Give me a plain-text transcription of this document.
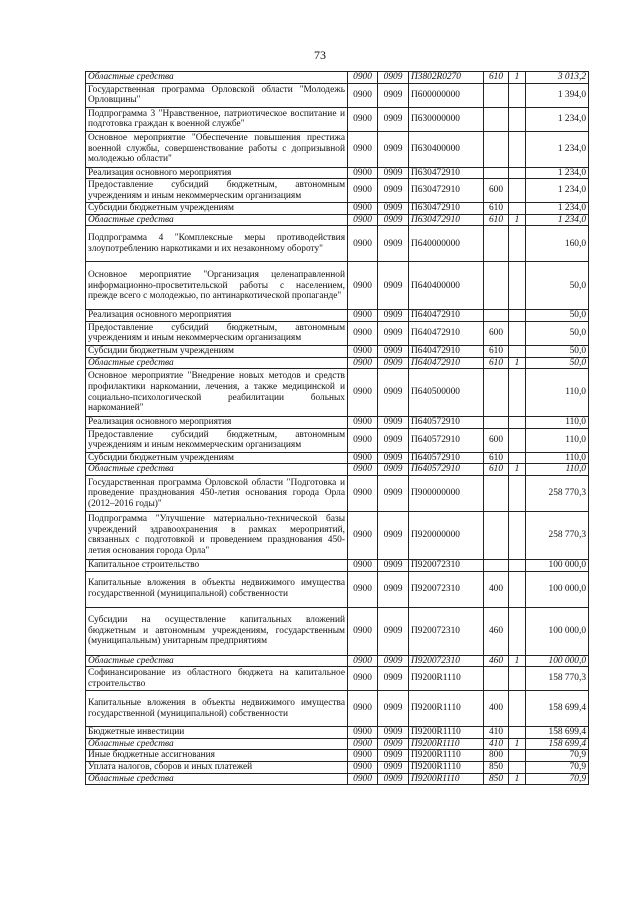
73
Областные средства	0900	0909	П3802R0270	610	1	3 013,2
Государственная программа Орловской области "Молодежь Орловщины"	0900	0909	П600000000			1 394,0
Подпрограмма 3 "Нравственное, патриотическое воспитание и подготовка граждан к военной службе"	0900	0909	П630000000			1 234,0
Основное мероприятие "Обеспечение повышения престижа военной службы, совершенствование работы с допризывной молодежью области"	0900	0909	П630400000			1 234,0
Реализация основного мероприятия	0900	0909	П630472910			1 234,0
Предоставление субсидий бюджетным, автономным учреждениям и иным некоммерческим организациям	0900	0909	П630472910	600		1 234,0
Субсидии бюджетным учреждениям	0900	0909	П630472910	610		1 234,0
Областные средства	0900	0909	П630472910	610	1	1 234,0
Подпрограмма 4 "Комплексные меры противодействия злоупотреблению наркотиками и их незаконному обороту"	0900	0909	П640000000			160,0
Основное мероприятие "Организация целенаправленной информационно-просветительской работы с населением, прежде всего с молодежью, по антинаркотической пропаганде"	0900	0909	П640400000			50,0
Реализация основного мероприятия	0900	0909	П640472910			50,0
Предоставление субсидий бюджетным, автономным учреждениям и иным некоммерческим организациям	0900	0909	П640472910	600		50,0
Субсидии бюджетным учреждениям	0900	0909	П640472910	610		50,0
Областные средства	0900	0909	П640472910	610	1	50,0
Основное мероприятие "Внедрение новых методов и средств профилактики наркомании, лечения, а также медицинской и социально-психологической реабилитации больных наркоманией"	0900	0909	П640500000			110,0
Реализация основного мероприятия	0900	0909	П640572910			110,0
Предоставление субсидий бюджетным, автономным учреждениям и иным некоммерческим организациям	0900	0909	П640572910	600		110,0
Субсидии бюджетным учреждениям	0900	0909	П640572910	610		110,0
Областные средства	0900	0909	П640572910	610	1	110,0
Государственная программа Орловской области "Подготовка и проведение празднования 450-летия основания города Орла (2012–2016 годы)"	0900	0909	П900000000			258 770,3
Подпрограмма "Улучшение материально-технической базы учреждений здравоохранения в рамках мероприятий, связанных с подготовкой и проведением празднования 450-летия основания города Орла"	0900	0909	П920000000			258 770,3
Капитальное строительство	0900	0909	П920072310			100 000,0
Капитальные вложения в объекты недвижимого имущества государственной (муниципальной) собственности	0900	0909	П920072310	400		100 000,0
Субсидии на осуществление капитальных вложений бюджетным и автономным учреждениям, государственным (муниципальным) унитарным предприятиям	0900	0909	П920072310	460		100 000,0
Областные средства	0900	0909	П920072310	460	1	100 000,0
Софинансирование из областного бюджета на капитальное строительство	0900	0909	П9200R1110			158 770,3
Капитальные вложения в объекты недвижимого имущества государственной (муниципальной) собственности	0900	0909	П9200R1110	400		158 699,4
Бюджетные инвестиции	0900	0909	П9200R1110	410		158 699,4
Областные средства	0900	0909	П9200R1110	410	1	158 699,4
Иные бюджетные ассигнования	0900	0909	П9200R1110	800		70,9
Уплата налогов, сборов и иных платежей	0900	0909	П9200R1110	850		70,9
Областные средства	0900	0909	П9200R1110	850	1	70,9
